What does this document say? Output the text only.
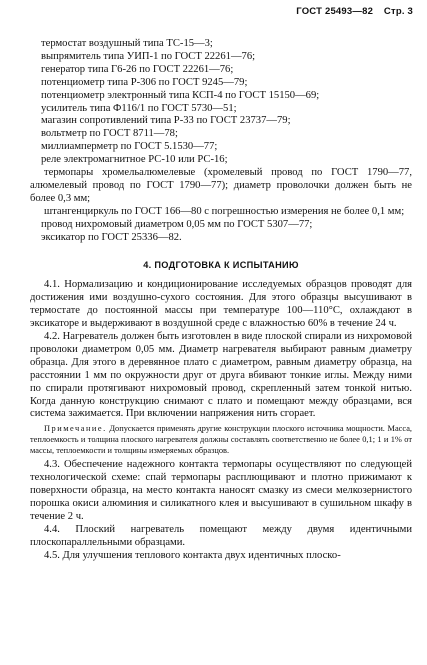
ГОСТ 25493—82 Стр. 3
термостат воздушный типа ТС-15—3;
выпрямитель типа УИП-1 по ГОСТ 22261—76;
генератор типа Г6-26 по ГОСТ 22261—76;
потенциометр типа Р-306 по ГОСТ 9245—79;
потенциометр электронный типа КСП-4 по ГОСТ 15150—69;
усилитель типа Ф116/1 по ГОСТ 5730—51;
магазин сопротивлений типа Р-33 по ГОСТ 23737—79;
вольтметр по ГОСТ 8711—78;
миллиамперметр по ГОСТ 5.1530—77;
реле электромагнитное РС-10 или РС-16;
термопары хромельалюмелевые (хромелевый провод по ГОСТ 1790—77, алюмелевый провод по ГОСТ 1790—77); диаметр проволочки должен быть не более 0,3 мм;
штангенциркуль по ГОСТ 166—80 с погрешностью измерения не более 0,1 мм;
провод нихромовый диаметром 0,05 мм по ГОСТ 5307—77;
эксикатор по ГОСТ 25336—82.
4. ПОДГОТОВКА К ИСПЫТАНИЮ
4.1. Нормализацию и кондиционирование исследуемых образцов проводят для достижения ими воздушно-сухого состояния. Для этого образцы высушивают в термостате до постоянной массы при температуре 100—110°С, охлаждают в эксикаторе и выдерживают в воздушной среде с влажностью 60% в течение 24 ч.
4.2. Нагреватель должен быть изготовлен в виде плоской спирали из нихромовой проволоки диаметром 0,05 мм. Диаметр нагревателя выбирают равным диаметру образца. Для этого в деревянное плато с диаметром, равным диаметру образца, на расстоянии 1 мм по окружности друг от друга вбивают тонкие иглы. Между ними по спирали протягивают нихромовый провод, скрепленный затем тонкой нитью. Когда данную конструкцию снимают с плато и помещают между образцами, вся система зажимается. При включении напряжения нить сгорает.
Примечание. Допускается применять другие конструкции плоского источника мощности. Масса, теплоемкость и толщина плоского нагревателя должны составлять соответственно не более 0,1; 1 и 1% от массы, теплоемкости и толщины измеряемых образцов.
4.3. Обеспечение надежного контакта термопары осуществляют по следующей технологической схеме: спай термопары расплющивают и плотно прижимают к поверхности образца, на место контакта наносят смазку из смеси мелкозернистого порошка окиси алюминия и силикатного клея и высушивают в сушильном шкафу в течение 2 ч.
4.4. Плоский нагреватель помещают между двумя идентичными плоскопараллельными образцами.
4.5. Для улучшения теплового контакта двух идентичных плоско-
